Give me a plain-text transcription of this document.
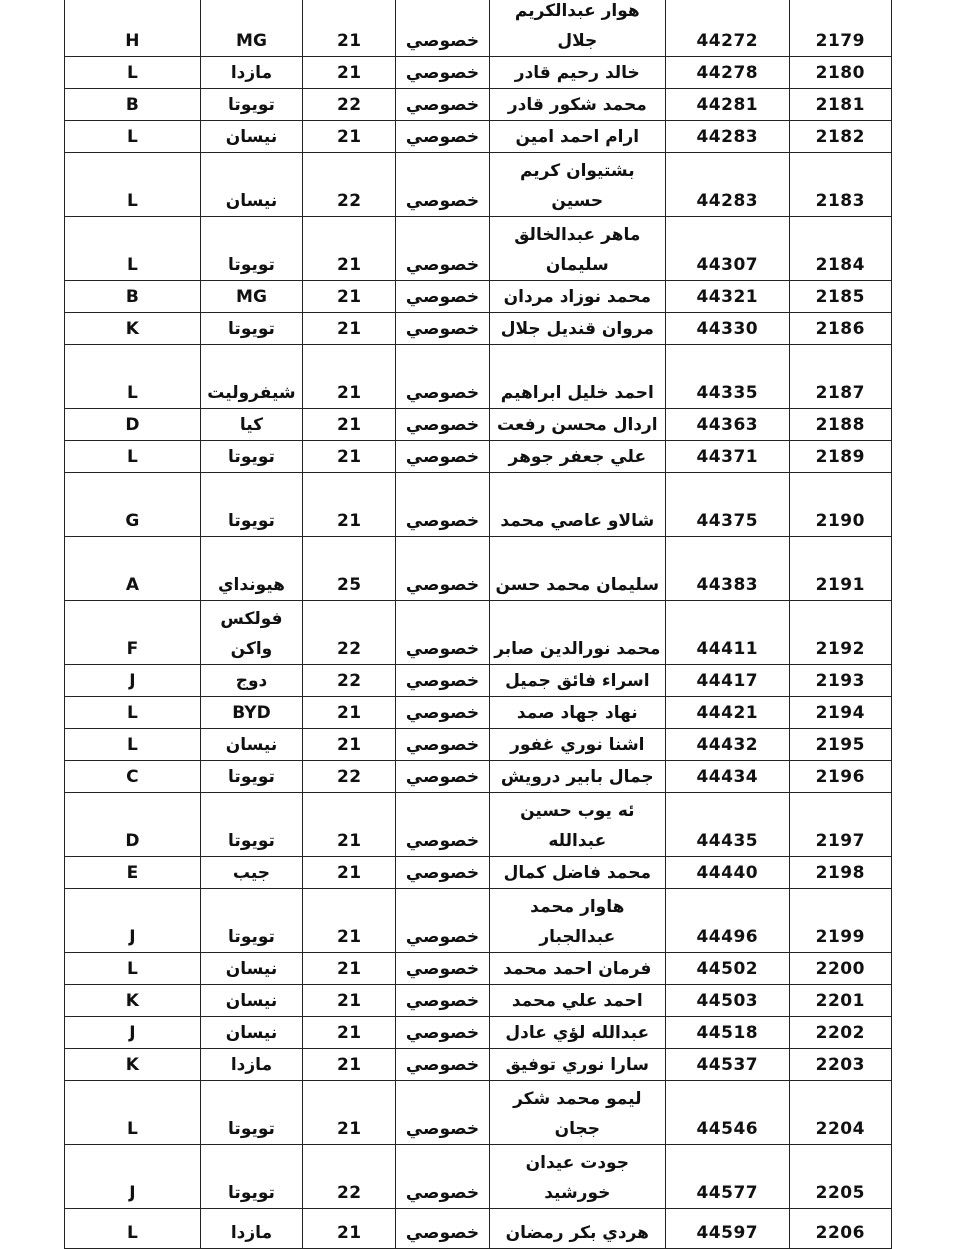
H	MG	21	خصوصي	هوار عبدالكريم جلال	44272	2179
L	مازدا	21	خصوصي	خالد رحيم قادر	44278	2180
B	تويوتا	22	خصوصي	محمد شكور قادر	44281	2181
L	نيسان	21	خصوصي	ارام احمد امين	44283	2182
L	نيسان	22	خصوصي	بشتيوان كريم حسين	44283	2183
L	تويوتا	21	خصوصي	ماهر عبدالخالق سليمان	44307	2184
B	MG	21	خصوصي	محمد نوزاد مردان	44321	2185
K	تويوتا	21	خصوصي	مروان قنديل جلال	44330	2186
L	شيفروليت	21	خصوصي	احمد خليل ابراهيم	44335	2187
D	كيا	21	خصوصي	اردال محسن رفعت	44363	2188
L	تويوتا	21	خصوصي	علي جعفر جوهر	44371	2189
G	تويوتا	21	خصوصي	شالاو عاصي محمد	44375	2190
A	هيونداي	25	خصوصي	سليمان محمد حسن	44383	2191
F	فولكس واكن	22	خصوصي	محمد نورالدين صابر	44411	2192
J	دوج	22	خصوصي	اسراء فائق جميل	44417	2193
L	BYD	21	خصوصي	نهاد جهاد صمد	44421	2194
L	نيسان	21	خصوصي	اشنا نوري غفور	44432	2195
C	تويوتا	22	خصوصي	جمال بابير درويش	44434	2196
D	تويوتا	21	خصوصي	ئه يوب حسين عبدالله	44435	2197
E	جيب	21	خصوصي	محمد فاضل كمال	44440	2198
J	تويوتا	21	خصوصي	هاوار محمد عبدالجبار	44496	2199
L	نيسان	21	خصوصي	فرمان احمد محمد	44502	2200
K	نيسان	21	خصوصي	احمد علي محمد	44503	2201
J	نيسان	21	خصوصي	عبدالله لؤي عادل	44518	2202
K	مازدا	21	خصوصي	سارا نوري توفيق	44537	2203
L	تويوتا	21	خصوصي	ليمو محمد شكر ججان	44546	2204
J	تويوتا	22	خصوصي	جودت عيدان خورشيد	44577	2205
L	مازدا	21	خصوصي	هردي بكر رمضان	44597	2206
